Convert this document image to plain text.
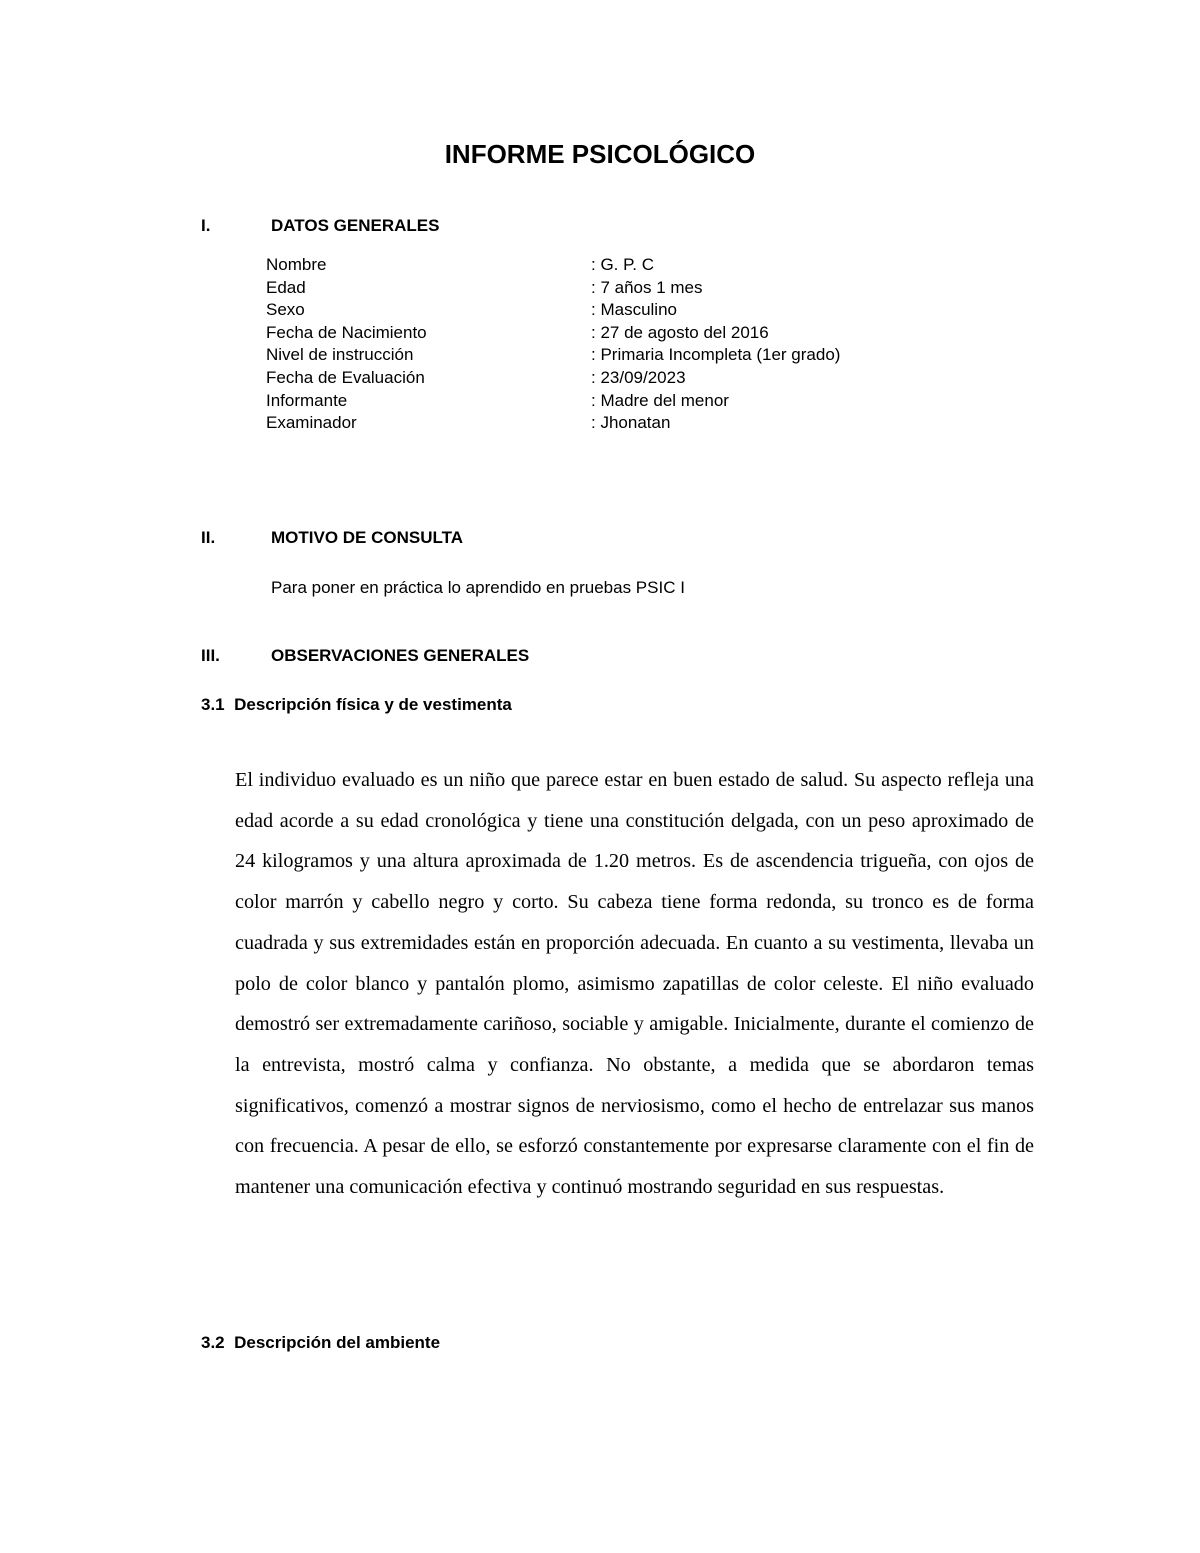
INFORME PSICOLÓGICO
I.	DATOS GENERALES
Nombre	: G. P. C
Edad	: 7 años 1 mes
Sexo	: Masculino
Fecha de Nacimiento	: 27 de agosto del 2016
Nivel de instrucción	: Primaria Incompleta (1er grado)
Fecha de Evaluación	: 23/09/2023
Informante	: Madre del menor
Examinador	: Jhonatan
II.	MOTIVO DE CONSULTA
Para poner en práctica lo aprendido en pruebas PSIC I
III.	OBSERVACIONES GENERALES
3.1 Descripción física y de vestimenta
El individuo evaluado es un niño que parece estar en buen estado de salud. Su aspecto refleja una edad acorde a su edad cronológica y tiene una constitución delgada, con un peso aproximado de 24 kilogramos y una altura aproximada de 1.20 metros. Es de ascendencia trigueña, con ojos de color marrón y cabello negro y corto. Su cabeza tiene forma redonda, su tronco es de forma cuadrada y sus extremidades están en proporción adecuada. En cuanto a su vestimenta, llevaba un polo de color blanco y pantalón plomo, asimismo zapatillas de color celeste. El niño evaluado demostró ser extremadamente cariñoso, sociable y amigable. Inicialmente, durante el comienzo de la entrevista, mostró calma y confianza. No obstante, a medida que se abordaron temas significativos, comenzó a mostrar signos de nerviosismo, como el hecho de entrelazar sus manos con frecuencia. A pesar de ello, se esforzó constantemente por expresarse claramente con el fin de mantener una comunicación efectiva y continuó mostrando seguridad en sus respuestas.
3.2 Descripción del ambiente
